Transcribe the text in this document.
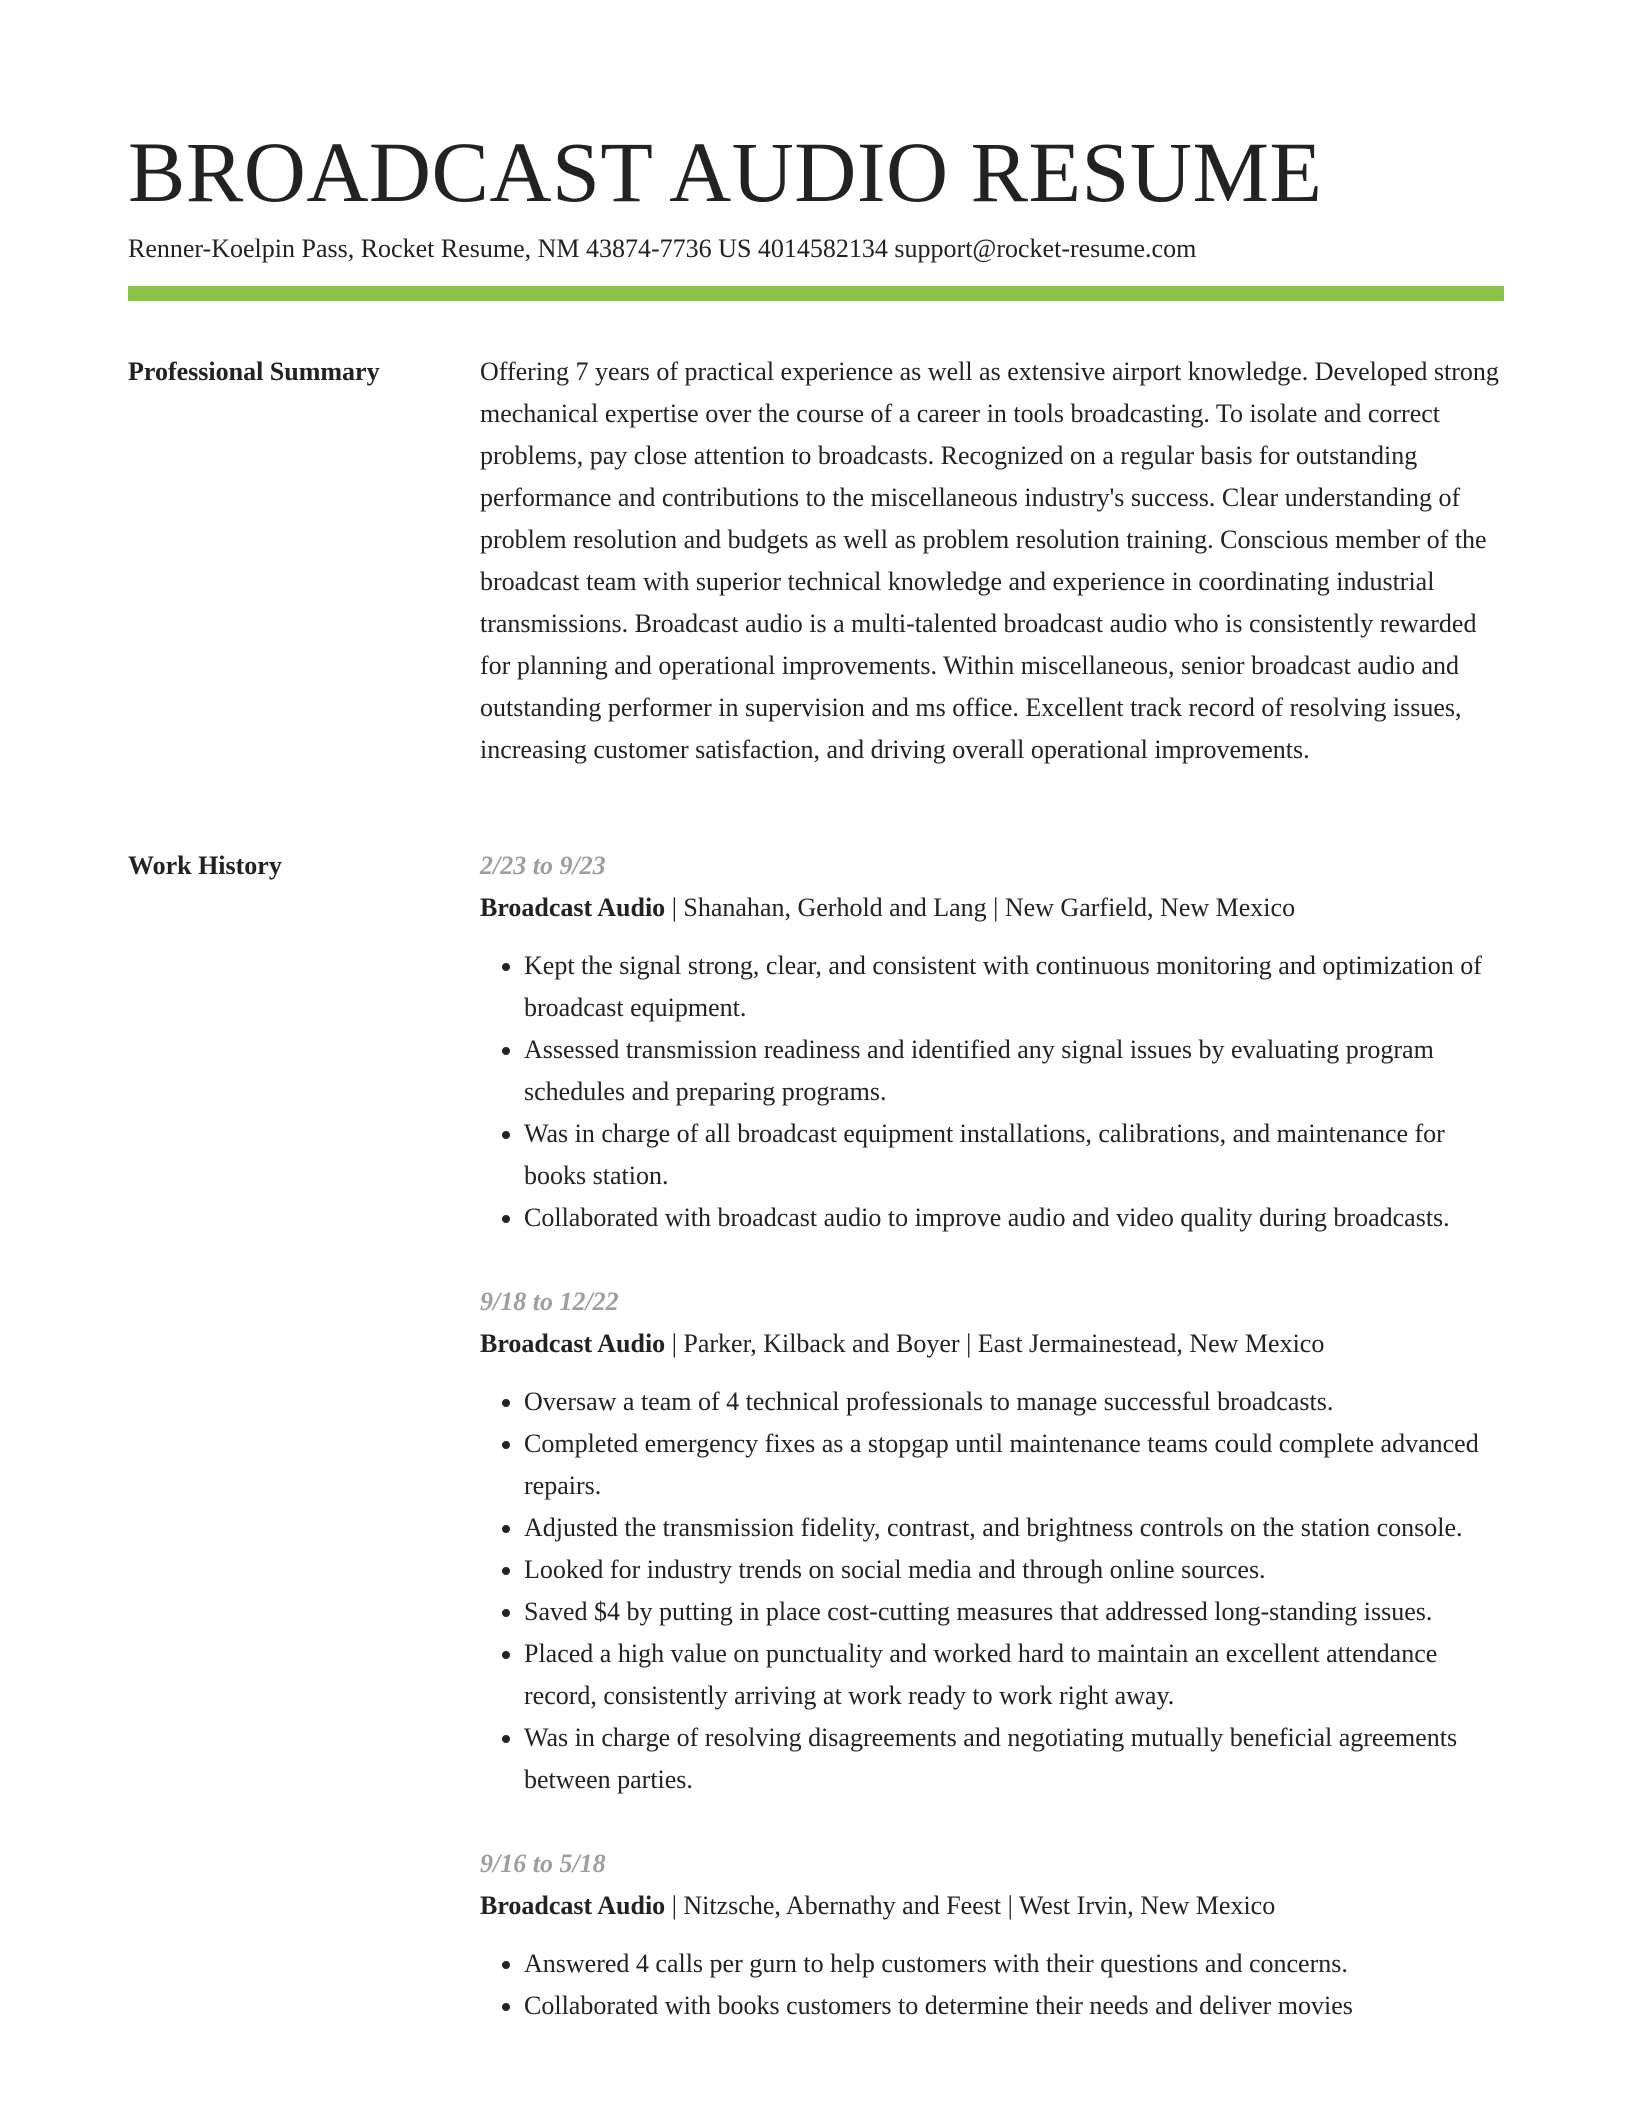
BROADCAST AUDIO RESUME
Renner-Koelpin Pass, Rocket Resume, NM 43874-7736 US 4014582134 support@rocket-resume.com
Professional Summary	Offering 7 years of practical experience as well as extensive airport knowledge. Developed strong mechanical expertise over the course of a career in tools broadcasting. To isolate and correct problems, pay close attention to broadcasts. Recognized on a regular basis for outstanding performance and contributions to the miscellaneous industry's success. Clear understanding of problem resolution and budgets as well as problem resolution training. Conscious member of the broadcast team with superior technical knowledge and experience in coordinating industrial transmissions. Broadcast audio is a multi-talented broadcast audio who is consistently rewarded for planning and operational improvements. Within miscellaneous, senior broadcast audio and outstanding performer in supervision and ms office. Excellent track record of resolving issues, increasing customer satisfaction, and driving overall operational improvements.

Work History	2/23 to 9/23

Broadcast Audio | Shanahan, Gerhold and Lang | New Garfield, New Mexico

• Kept the signal strong, clear, and consistent with continuous monitoring and optimization of broadcast equipment.
• Assessed transmission readiness and identified any signal issues by evaluating program schedules and preparing programs.
• Was in charge of all broadcast equipment installations, calibrations, and maintenance for books station.
• Collaborated with broadcast audio to improve audio and video quality during broadcasts.

9/18 to 12/22

Broadcast Audio | Parker, Kilback and Boyer | East Jermainestead, New Mexico

• Oversaw a team of 4 technical professionals to manage successful broadcasts.
• Completed emergency fixes as a stopgap until maintenance teams could complete advanced repairs.
• Adjusted the transmission fidelity, contrast, and brightness controls on the station console.
• Looked for industry trends on social media and through online sources.
• Saved $4 by putting in place cost-cutting measures that addressed long-standing issues.
• Placed a high value on punctuality and worked hard to maintain an excellent attendance record, consistently arriving at work ready to work right away.
• Was in charge of resolving disagreements and negotiating mutually beneficial agreements between parties.

9/16 to 5/18

Broadcast Audio | Nitzsche, Abernathy and Feest | West Irvin, New Mexico

• Answered 4 calls per gurn to help customers with their questions and concerns.
• Collaborated with books customers to determine their needs and deliver movies
